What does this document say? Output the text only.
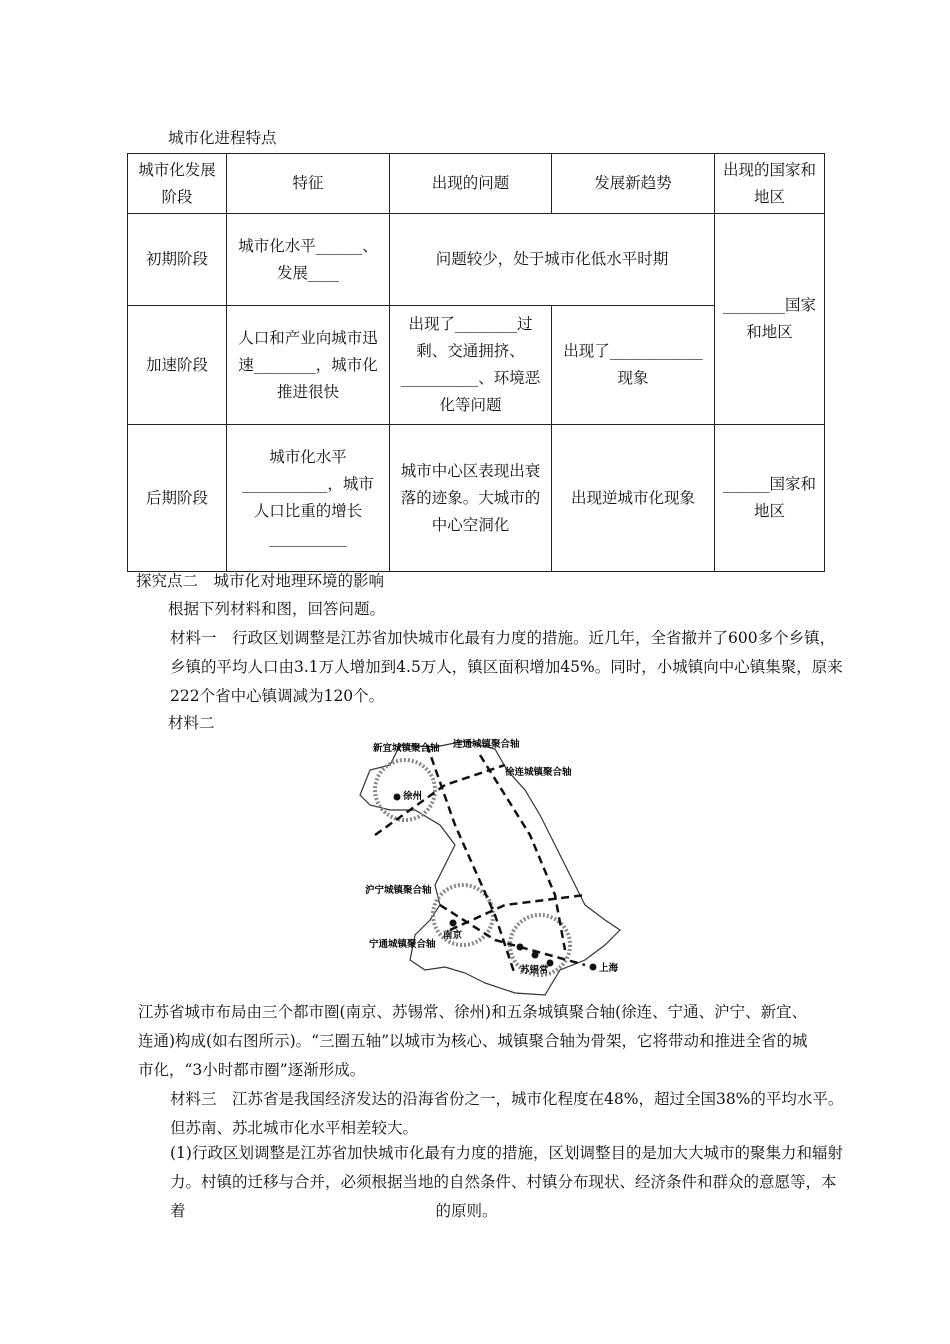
城市化进程特点
城市化发展阶段	特征	出现的问题	发展新趋势	出现的国家和地区
初期阶段	城市化水平______、发展____	问题较少，处于城市化低水平时期		________国家和地区
加速阶段	人口和产业向城市迅速________，城市化推进很快	出现了________过剩、交通拥挤、__________、环境恶化等问题	出现了____________现象	
后期阶段	城市化水平___________，城市人口比重的增长__________	城市中心区表现出衰落的迹象。大城市的中心空洞化	出现逆城市化现象	______国家和地区
探究点二　城市化对地理环境的影响
根据下列材料和图，回答问题。
材料一　行政区划调整是江苏省加快城市化最有力度的措施。近几年，全省撤并了600多个乡镇，乡镇的平均人口由3.1万人增加到4.5万人，镇区面积增加45%。同时，小城镇向中心镇集聚，原来222个省中心镇调减为120个。
材料二
新宜城镇聚合轴 连通城镇聚合轴
徐连城镇聚合轴
徐州
沪宁城镇聚合轴
南京
宁通城镇聚合轴
苏锡常	上海
江苏省城市布局由三个都市圈(南京、苏锡常、徐州)和五条城镇聚合轴(徐连、宁通、沪宁、新宜、连通)构成(如右图所示)。“三圈五轴”以城市为核心、城镇聚合轴为骨架，它将带动和推进全省的城市化，“3小时都市圈”逐渐形成。
材料三　江苏省是我国经济发达的沿海省份之一，城市化程度在48%，超过全国38%的平均水平。但苏南、苏北城市化水平相差较大。
(1)行政区划调整是江苏省加快城市化最有力度的措施，区划调整目的是加大大城市的聚集力和辐射力。村镇的迁移与合并，必须根据当地的自然条件、村镇分布现状、经济条件和群众的意愿等，本着	的原则。
